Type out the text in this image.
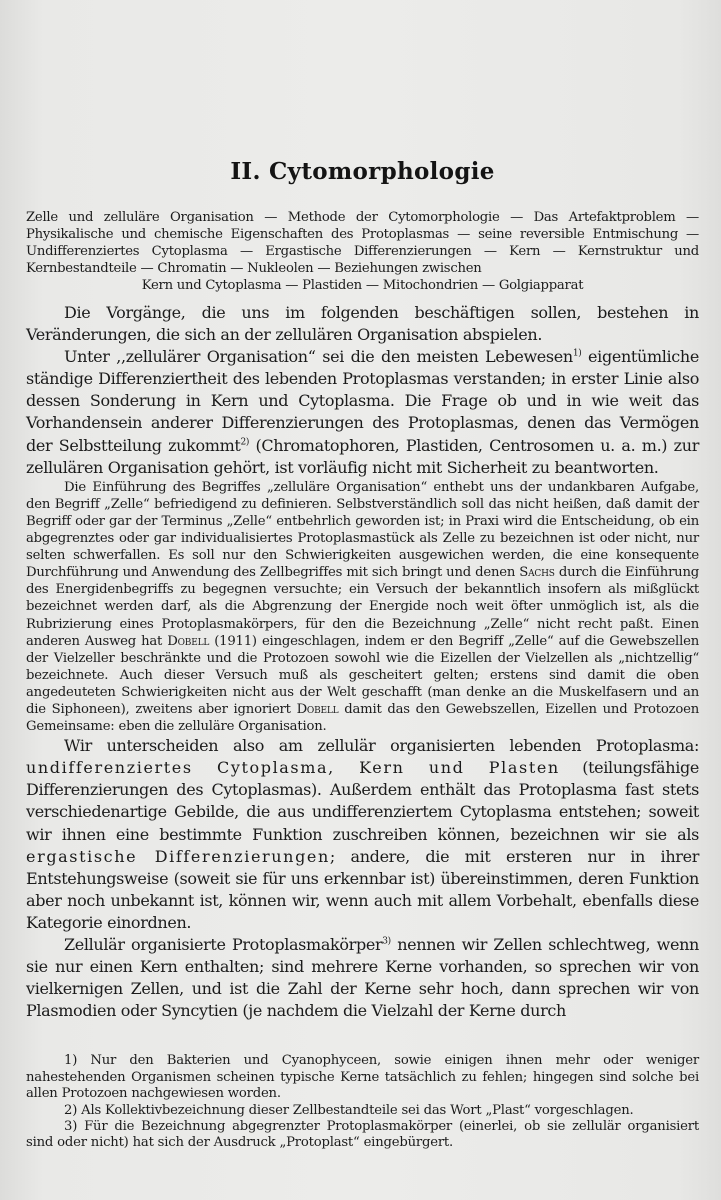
II. Cytomorphologie
Zelle und zelluläre Organisation — Methode der Cytomorphologie — Das Artefaktproblem — Physikalische und chemische Eigenschaften des Protoplasmas — seine reversible Entmischung — Undifferenziertes Cytoplasma — Ergastische Differenzierungen — Kern — Kernstruktur und Kernbestandteile — Chromatin — Nukleolen — Beziehungen zwischen
Kern und Cytoplasma — Plastiden — Mitochondrien — Golgiapparat

Die Vorgänge, die uns im folgenden beschäftigen sollen, bestehen in Veränderungen, die sich an der zellulären Organisation abspielen.

Unter ,,zellulärer Organisation“ sei die den meisten Lebewesen$^{1)}$ eigentümliche ständige Differenziertheit des lebenden Protoplasmas verstanden; in erster Linie also dessen Sonderung in Kern und Cytoplasma. Die Frage ob und in wie weit das Vorhandensein anderer Differenzierungen des Protoplasmas, denen das Vermögen der Selbstteilung zukommt$^{2)}$ (Chromatophoren, Plastiden, Centrosomen u. a. m.) zur zellulären Organisation gehört, ist vorläufig nicht mit Sicherheit zu beantworten.

Die Einführung des Begriffes „zelluläre Organisation“ enthebt uns der undankbaren Aufgabe, den Begriff „Zelle“ befriedigend zu definieren. Selbstverständlich soll das nicht heißen, daß damit der Begriff oder gar der Terminus „Zelle“ entbehrlich geworden ist; in Praxi wird die Entscheidung, ob ein abgegrenztes oder gar individualisiertes Protoplasmastück als Zelle zu bezeichnen ist oder nicht, nur selten schwerfallen. Es soll nur den Schwierigkeiten ausgewichen werden, die eine konsequente Durchführung und Anwendung des Zellbegriffes mit sich bringt und denen Sachs durch die Einführung des Energidenbegriffs zu begegnen versuchte; ein Versuch der bekanntlich insofern als mißglückt bezeichnet werden darf, als die Abgrenzung der Energide noch weit öfter unmöglich ist, als die Rubrizierung eines Protoplasmakörpers, für den die Bezeichnung „Zelle“ nicht recht paßt. Einen anderen Ausweg hat Dobell (1911) eingeschlagen, indem er den Begriff „Zelle“ auf die Gewebszellen der Vielzeller beschränkte und die Protozoen sowohl wie die Eizellen der Vielzellen als „nichtzellig“ bezeichnete. Auch dieser Versuch muß als gescheitert gelten; erstens sind damit die oben angedeuteten Schwierigkeiten nicht aus der Welt geschafft (man denke an die Muskelfasern und an die Siphoneen), zweitens aber ignoriert Dobell damit das den Gewebszellen, Eizellen und Protozoen Gemeinsame: eben die zelluläre Organisation.

Wir unterscheiden also am zellulär organisierten lebenden Protoplasma: undifferenziertes Cytoplasma, Kern und Plasten (teilungsfähige Differenzierungen des Cytoplasmas). Außerdem enthält das Protoplasma fast stets verschiedenartige Gebilde, die aus undifferenziertem Cytoplasma entstehen; soweit wir ihnen eine bestimmte Funktion zuschreiben können, bezeichnen wir sie als ergastische Differenzierungen; andere, die mit ersteren nur in ihrer Entstehungsweise (soweit sie für uns erkennbar ist) übereinstimmen, deren Funktion aber noch unbekannt ist, können wir, wenn auch mit allem Vorbehalt, ebenfalls diese Kategorie einordnen.

Zellulär organisierte Protoplasmakörper$^{3)}$ nennen wir Zellen schlechtweg, wenn sie nur einen Kern enthalten; sind mehrere Kerne vorhanden, so sprechen wir von vielkernigen Zellen, und ist die Zahl der Kerne sehr hoch, dann sprechen wir von Plasmodien oder Syncytien (je nachdem die Vielzahl der Kerne durch

1) Nur den Bakterien und Cyanophyceen, sowie einigen ihnen mehr oder weniger nahestehenden Organismen scheinen typische Kerne tatsächlich zu fehlen; hingegen sind solche bei allen Protozoen nachgewiesen worden.

2) Als Kollektivbezeichnung dieser Zellbestandteile sei das Wort „Plast“ vorgeschlagen.

3) Für die Bezeichnung abgegrenzter Protoplasmakörper (einerlei, ob sie zellulär organisiert sind oder nicht) hat sich der Ausdruck „Protoplast“ eingebürgert.
